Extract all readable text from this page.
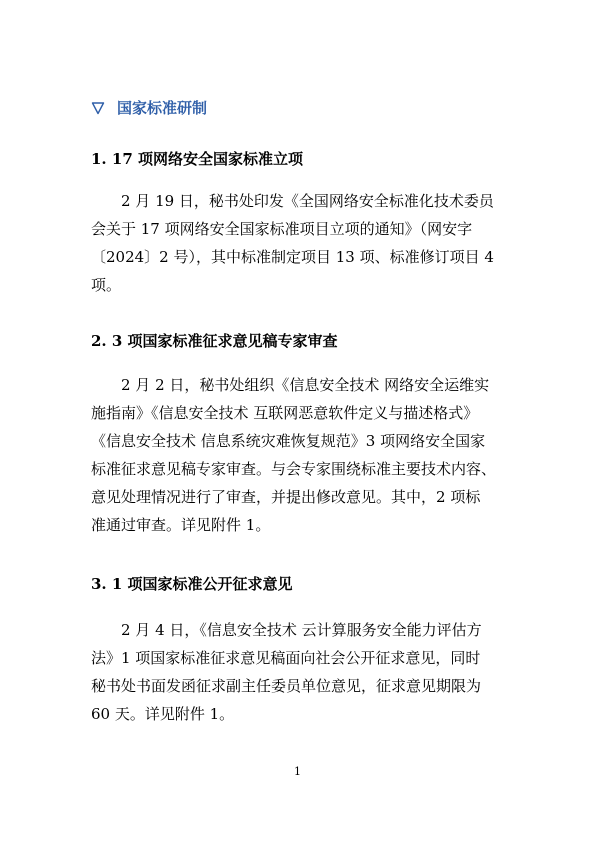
国家标准研制
1. 17 项网络安全国家标准立项
2 月 19 日，秘书处印发《全国网络安全标准化技术委员
会关于 17 项网络安全国家标准项目立项的通知》（网安字
〔2024〕2 号），其中标准制定项目 13 项、标准修订项目 4
项。
2. 3 项国家标准征求意见稿专家审查
2 月 2 日，秘书处组织《信息安全技术 网络安全运维实
施指南》《信息安全技术 互联网恶意软件定义与描述格式》
《信息安全技术 信息系统灾难恢复规范》3 项网络安全国家
标准征求意见稿专家审查。与会专家围绕标准主要技术内容、
意见处理情况进行了审查，并提出修改意见。其中，2 项标
准通过审查。详见附件 1。
3. 1 项国家标准公开征求意见
2 月 4 日，《信息安全技术 云计算服务安全能力评估方
法》1 项国家标准征求意见稿面向社会公开征求意见，同时
秘书处书面发函征求副主任委员单位意见，征求意见期限为
60 天。详见附件 1。
1
